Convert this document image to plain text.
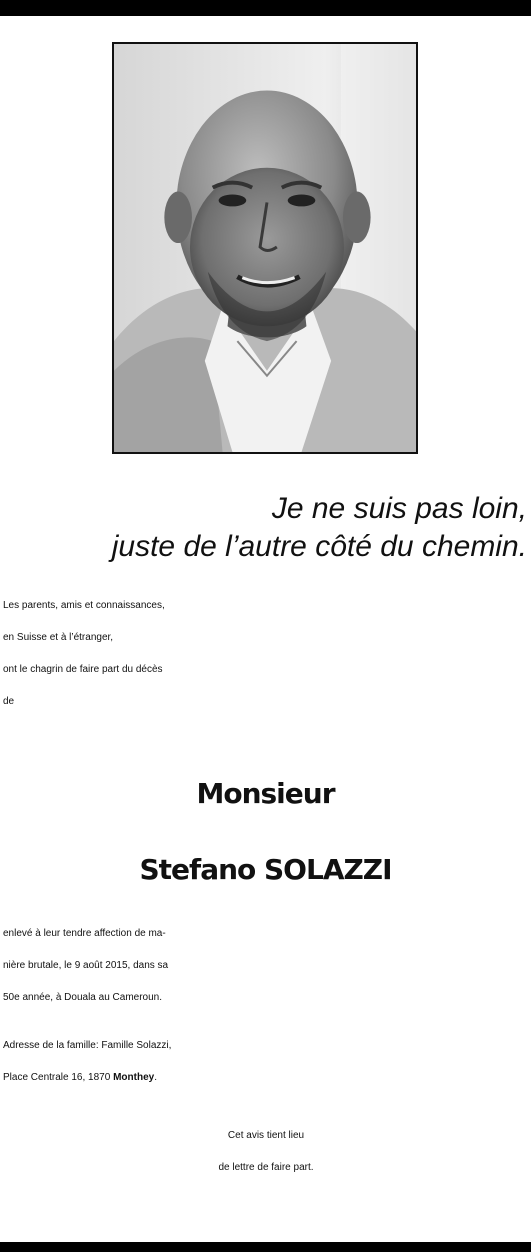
Je ne suis pas loin,
juste de l’autre côté du chemin.
Les parents, amis et connaissances,
en Suisse et à l’étranger,
ont le chagrin de faire part du décès
de
Monsieur
Stefano SOLAZZI
enlevé à leur tendre affection de ma-
nière brutale, le 9 août 2015, dans sa
50e année, à Douala au Cameroun.
Adresse de la famille: Famille Solazzi,
Place Centrale 16, 1870 Monthey.
Cet avis tient lieu
de lettre de faire part.
